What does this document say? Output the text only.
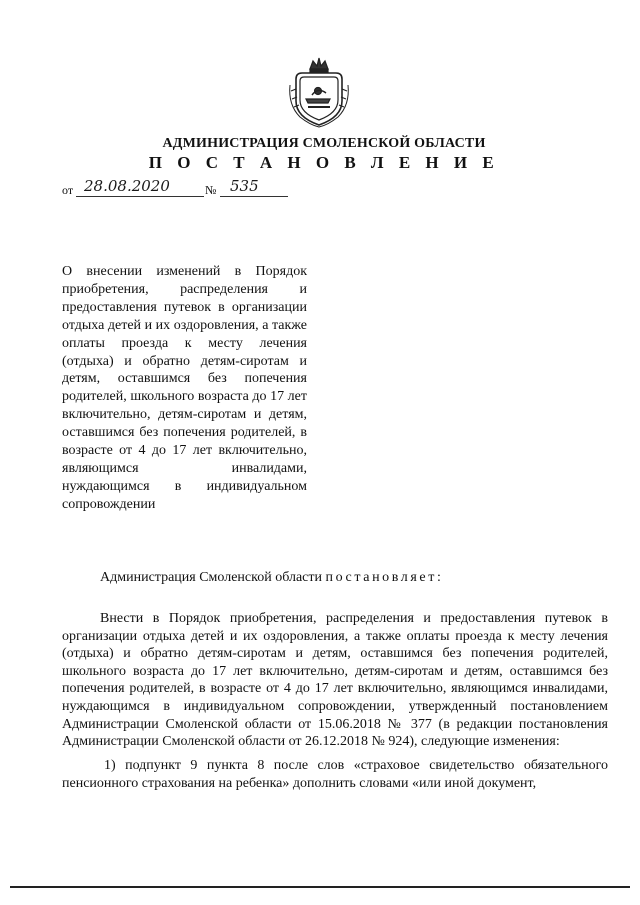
АДМИНИСТРАЦИЯ СМОЛЕНСКОЙ ОБЛАСТИ
П О С Т А Н О В Л Е Н И Е
от 28.08.2020	№ 535
О внесении изменений в Порядок приобретения, распределения и предоставления путевок в организации отдыха детей и их оздоровления, а также оплаты проезда к месту лечения (отдыха) и обратно детям-сиротам и детям, оставшимся без попечения родителей, школьного возраста до 17 лет включительно, детям-сиротам и детям, оставшимся без попечения родителей, в возрасте от 4 до 17 лет включительно, являющимся инвалидами, нуждающимся в индивидуальном сопровождении
Администрация Смоленской области постановляет:

Внести в Порядок приобретения, распределения и предоставления путевок в организации отдыха детей и их оздоровления, а также оплаты проезда к месту лечения (отдыха) и обратно детям-сиротам и детям, оставшимся без попечения родителей, школьного возраста до 17 лет включительно, детям-сиротам и детям, оставшимся без попечения родителей, в возрасте от 4 до 17 лет включительно, являющимся инвалидами, нуждающимся в индивидуальном сопровождении, утвержденный постановлением Администрации Смоленской области от 15.06.2018 № 377 (в редакции постановления Администрации Смоленской области от 26.12.2018 № 924), следующие изменения:

1) подпункт 9 пункта 8 после слов «страховое свидетельство обязательного пенсионного страхования на ребенка» дополнить словами «или иной документ,
